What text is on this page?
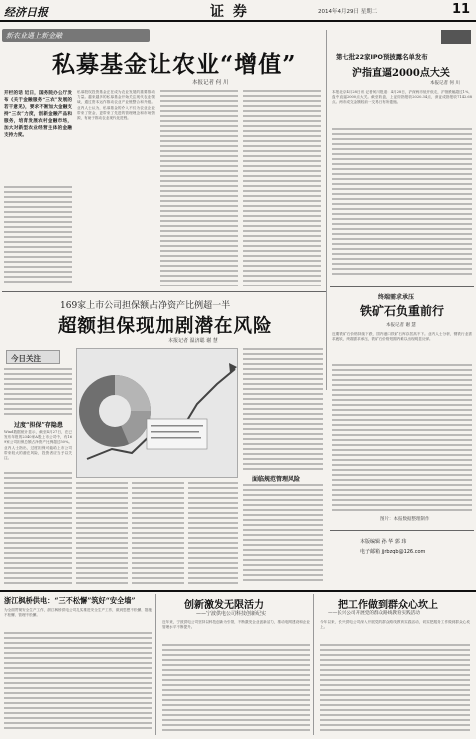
经济日报	证 券	2014年4月29日 星期二	11
新农业遇上新金融
私募基金让农业“增值”
本报记者 何 川
开栏的话 近日，国务院办公厅发布《关于金融服务“三农”发展的若干意见》，要求不断加大金融支持“三农”力度，创新金融产品和服务，培育发展农村金融市场，加大对新型农业经营主体的金融支持力度。
私募股权投资基金正在成为农业发展的重要推动力量。越来越多的私募基金开始关注现代农业领域，通过资本运作推动农业产业链整合和升级。业内人士认为，私募基金的介入不仅为农业企业带来了资金，更带来了先进的管理理念和市场资源，有助于推动农业现代化进程。
第七批22家IPO预披露名单发布
沪指直逼2000点大关
本报记者 何 川
本报北京4月28日讯 记者何川报道：4月28日，沪深两市低开低走，沪指跌幅超过1%，盘中直逼2000点大关。截至收盘，上证综指报收2020.34点，深证成指报收7142.68点。两市成交金额较前一交易日有所萎缩。
169家上市公司担保额占净资产比例超一半
超额担保现加剧潜在风险
本报记者 温济聪 谢 慧
今日关注
过度“担保”存隐患
Wind数据统计显示，截至4月27日，在已发布年报的2340家A股上市公司中，有169家公司担保总额占净资产比例超过50%。业内人士指出，过度担保可能给上市公司带来较大的潜在风险，投资者应当予以关注。
面临规范管理风险
终端需求承压
铁矿石负重前行
本报记者 谢 慧
近期铁矿石价格持续下跌，国内港口铁矿石库存居高不下。业内人士分析，钢铁行业需求疲软，终端需求承压，铁矿石价格短期内难以出现明显反弹。
图片：本报数据整理制作
本版编辑 孙 华 郭 玮
电子邮箱 jjrbzqb@126.com
浙江枫桥供电：“三不松懈”筑好“安全墙”
为全面贯彻安全生产工作，浙江枫桥供电公司扎实推进安全生产工作，做到思想不松懈、措施不松懈、管理不松懈。
创新激发无限活力
——宁波供电公司科技创新纪实
近年来，宁波供电公司坚持以科技创新为引领，不断激发企业创新活力，推动电网建设和企业管理水平不断提升。
把工作做到群众心坎上
——长兴公司开展党的群众路线教育实践活动
今年以来，长兴供电公司深入开展党的群众路线教育实践活动，切实把服务工作做到群众心坎上。
